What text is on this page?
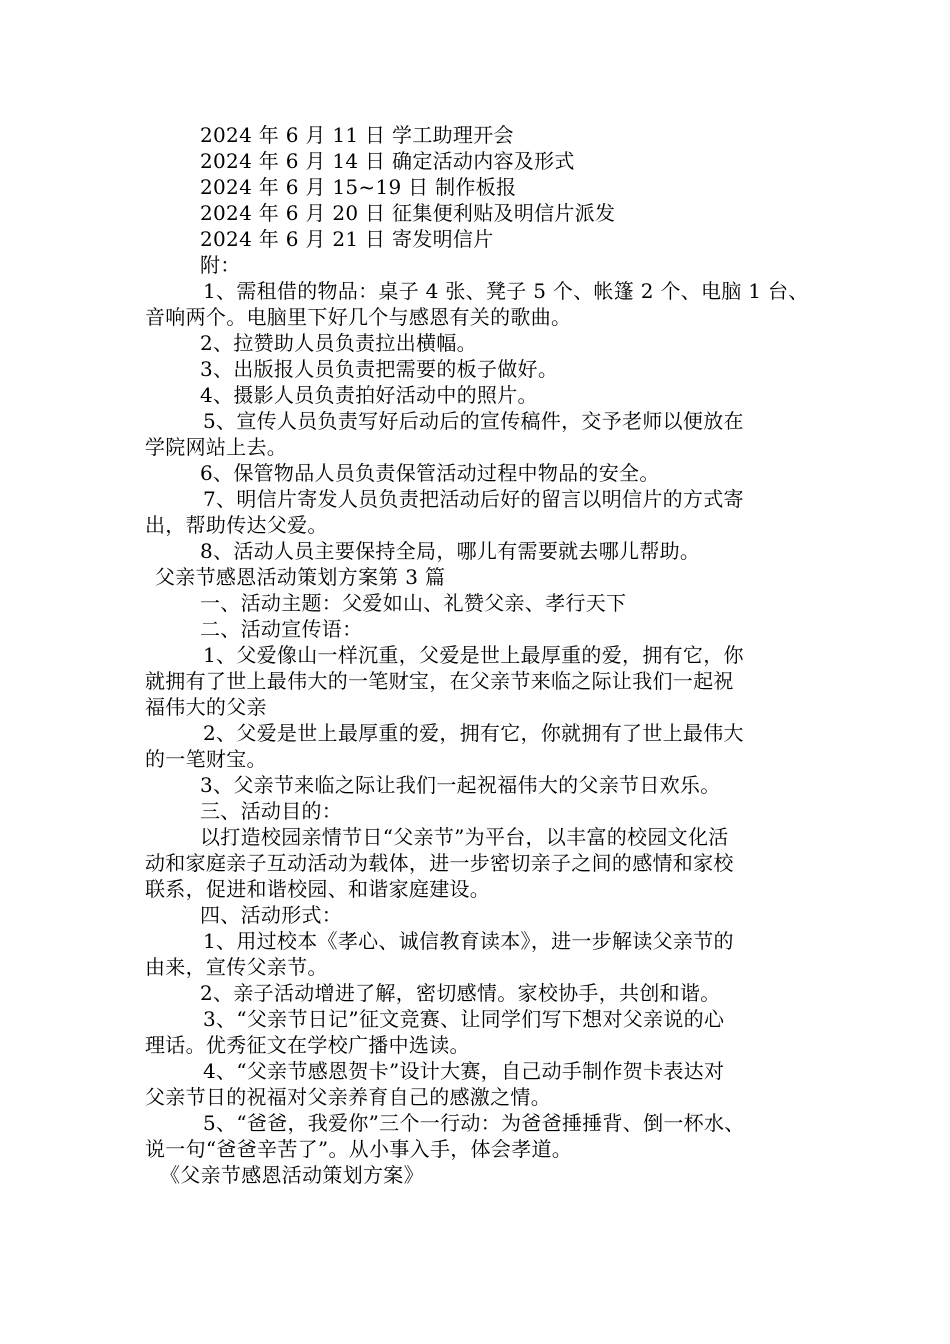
2024 年 6 月 11 日 学工助理开会
2024 年 6 月 14 日 确定活动内容及形式
2024 年 6 月 15~19 日 制作板报
2024 年 6 月 20 日 征集便利贴及明信片派发
2024 年 6 月 21 日 寄发明信片
附：
1、需租借的物品：桌子 4 张、凳子 5 个、帐篷 2 个、电脑 1 台、
音响两个。电脑里下好几个与感恩有关的歌曲。
2、拉赞助人员负责拉出横幅。
3、出版报人员负责把需要的板子做好。
4、摄影人员负责拍好活动中的照片。
5、宣传人员负责写好后动后的宣传稿件，交予老师以便放在
学院网站上去。
6、保管物品人员负责保管活动过程中物品的安全。
7、明信片寄发人员负责把活动后好的留言以明信片的方式寄
出，帮助传达父爱。
8、活动人员主要保持全局，哪儿有需要就去哪儿帮助。
父亲节感恩活动策划方案第 3 篇
一、活动主题：父爱如山、礼赞父亲、孝行天下
二、活动宣传语：
1、父爱像山一样沉重，父爱是世上最厚重的爱，拥有它，你
就拥有了世上最伟大的一笔财宝，在父亲节来临之际让我们一起祝
福伟大的父亲
2、父爱是世上最厚重的爱，拥有它，你就拥有了世上最伟大
的一笔财宝。
3、父亲节来临之际让我们一起祝福伟大的父亲节日欢乐。
三、活动目的：
以打造校园亲情节日“父亲节”为平台，以丰富的校园文化活
动和家庭亲子互动活动为载体，进一步密切亲子之间的感情和家校
联系，促进和谐校园、和谐家庭建设。
四、活动形式：
1、用过校本《孝心、诚信教育读本》，进一步解读父亲节的
由来，宣传父亲节。
2、亲子活动增进了解，密切感情。家校协手，共创和谐。
3、“父亲节日记”征文竞赛、让同学们写下想对父亲说的心
理话。优秀征文在学校广播中选读。
4、“父亲节感恩贺卡”设计大赛，自己动手制作贺卡表达对
父亲节日的祝福对父亲养育自己的感激之情。
5、“爸爸，我爱你”三个一行动：为爸爸捶捶背、倒一杯水、
说一句“爸爸辛苦了”。从小事入手，体会孝道。
《父亲节感恩活动策划方案》
